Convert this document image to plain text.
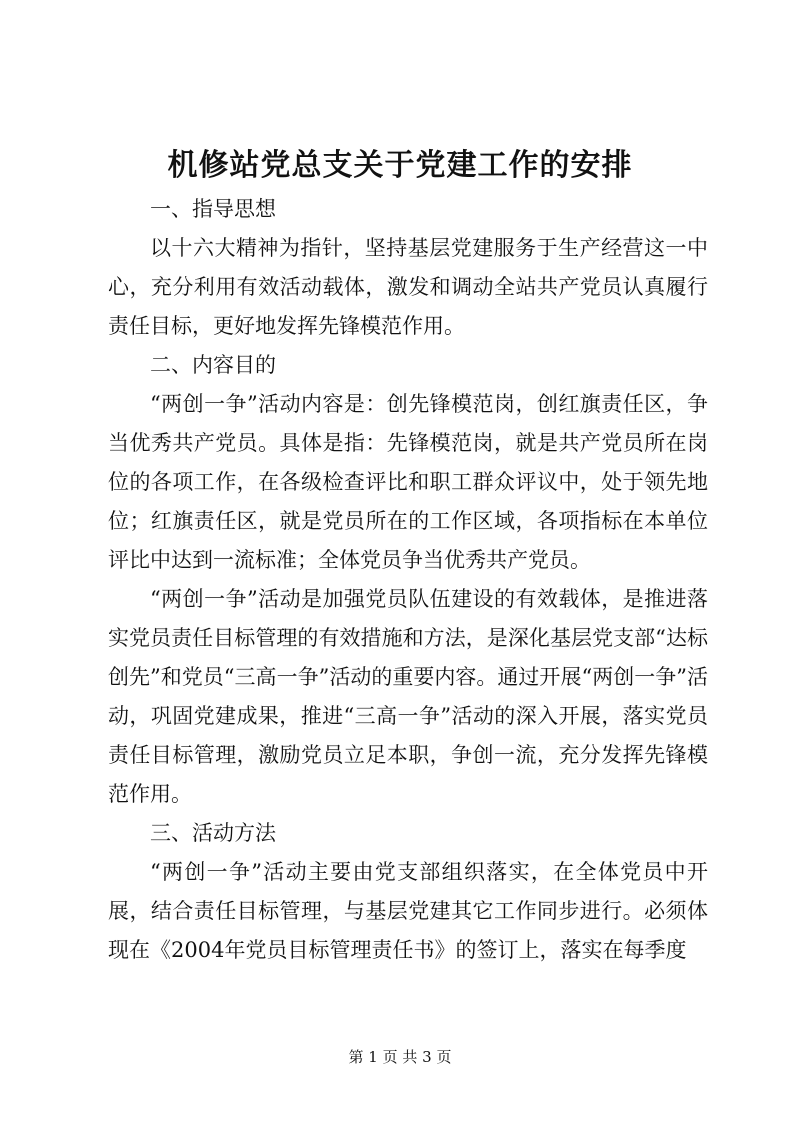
机修站党总支关于党建工作的安排

一、指导思想

以十六大精神为指针，坚持基层党建服务于生产经营这一中心，充分利用有效活动载体，激发和调动全站共产党员认真履行责任目标，更好地发挥先锋模范作用。

二、内容目的

“两创一争”活动内容是：创先锋模范岗，创红旗责任区，争当优秀共产党员。具体是指：先锋模范岗，就是共产党员所在岗位的各项工作，在各级检查评比和职工群众评议中，处于领先地位；红旗责任区，就是党员所在的工作区域，各项指标在本单位评比中达到一流标准；全体党员争当优秀共产党员。

“两创一争”活动是加强党员队伍建设的有效载体，是推进落实党员责任目标管理的有效措施和方法，是深化基层党支部“达标创先”和党员“三高一争”活动的重要内容。通过开展“两创一争”活动，巩固党建成果，推进“三高一争”活动的深入开展，落实党员责任目标管理，激励党员立足本职，争创一流，充分发挥先锋模范作用。

三、活动方法

“两创一争”活动主要由党支部组织落实，在全体党员中开展，结合责任目标管理，与基层党建其它工作同步进行。必须体现在《2004年党员目标管理责任书》的签订上，落实在每季度

第 1 页 共 3 页
